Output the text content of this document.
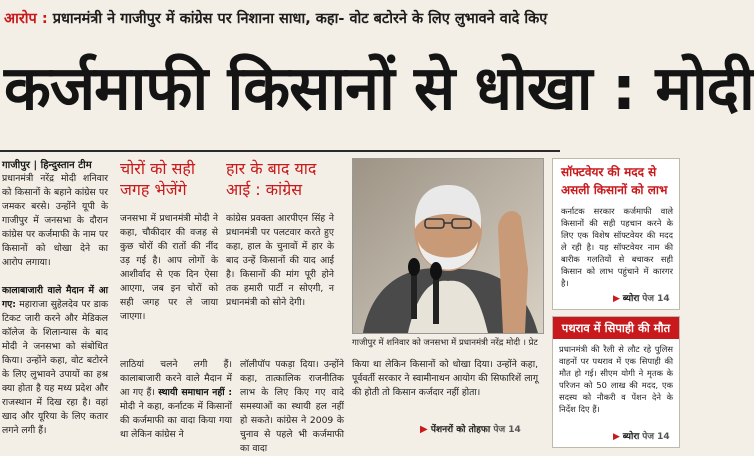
आरोप : प्रधानमंत्री ने गाजीपुर में कांग्रेस पर निशाना साधा, कहा- वोट बटोरने के लिए लुभावने वादे किए
कर्जमाफी किसानों से धोखा : मोदी
गाजीपुर | हिन्दुस्तान टीम

प्रधानमंत्री नरेंद्र मोदी शनिवार को किसानों के बहाने कांग्रेस पर जमकर बरसे। उन्होंने यूपी के गाजीपुर में जनसभा के दौरान कांग्रेस पर कर्जमाफी के नाम पर किसानों को धोखा देने का आरोप लगाया।

कालाबाजारी वाले मैदान में आ गए: महाराजा सुहेलदेव पर डाक टिकट जारी करने और मेडिकल कॉलेज के शिलान्यास के बाद मोदी ने जनसभा को संबोधित किया। उन्होंने कहा, वोट बटोरने के लिए लुभावने उपायों का हश्र क्या होता है यह मध्य प्रदेश और राजस्थान में दिख रहा है। वहां खाद और यूरिया के लिए कतार लगने लगी हैं।

चोरों को सही जगह भेजेंगे
जनसभा में प्रधानमंत्री मोदी ने कहा, चौकीदार की वजह से कुछ चोरों की रातों की नींद उड़ गई है। आप लोगों के आशीर्वाद से एक दिन ऐसा आएगा, जब इन चोरों को सही जगह पर ले जाया जाएगा।
हार के बाद याद आई : कांग्रेस
कांग्रेस प्रवक्ता आरपीएन सिंह ने प्रधानमंत्री पर पलटवार करते हुए कहा, हाल के चुनावों में हार के बाद उन्हें किसानों की याद आई है। किसानों की मांग पूरी होने तक हमारी पार्टी न सोएगी, न प्रधानमंत्री को सोने देगी।
गाजीपुर में शनिवार को जनसभा में प्रधानमंत्री नरेंद्र मोदी । प्रेट

लाठियां चलने लगी हैं। कालाबाजारी करने वाले मैदान में आ गए हैं। स्थायी समाधान नहीं : मोदी ने कहा, कर्नाटक में किसानों की कर्जमाफी का वादा किया गया था लेकिन कांग्रेस ने

लॉलीपॉप पकड़ा दिया। उन्होंने कहा, तात्कालिक राजनीतिक लाभ के लिए किए गए वादे समस्याओं का स्थायी हल नहीं हो सकते। कांग्रेस ने 2009 के चुनाव से पहले भी कर्जमाफी का वादा
किया था लेकिन किसानों को धोखा दिया। उन्होंने कहा, पूर्ववर्ती सरकार ने स्वामीनाथन आयोग की सिफारिशें लागू की होती तो किसान कर्जदार नहीं होता।
▶ पेंशनरों को तोहफा पेज 14
सॉफ्टवेयर की मदद से असली किसानों को लाभ
कर्नाटक सरकार कर्जमाफी वाले किसानों की सही पहचान करने के लिए एक विशेष सॉफ्टवेयर की मदद ले रही है। यह सॉफ्टवेयर नाम की बारीक गलतियों से बचाकर सही किसान को लाभ पहुंचाने में कारगर है।
▶ ब्योरा पेज 14
पथराव में सिपाही की मौत
प्रधानमंत्री की रैली से लौट रहे पुलिस वाहनों पर पथराव में एक सिपाही की मौत हो गई। सीएम योगी ने मृतक के परिजन को 50 लाख की मदद, एक सदस्य को नौकरी व पेंशन देने के निर्देश दिए हैं।
▶ ब्योरा पेज 14
